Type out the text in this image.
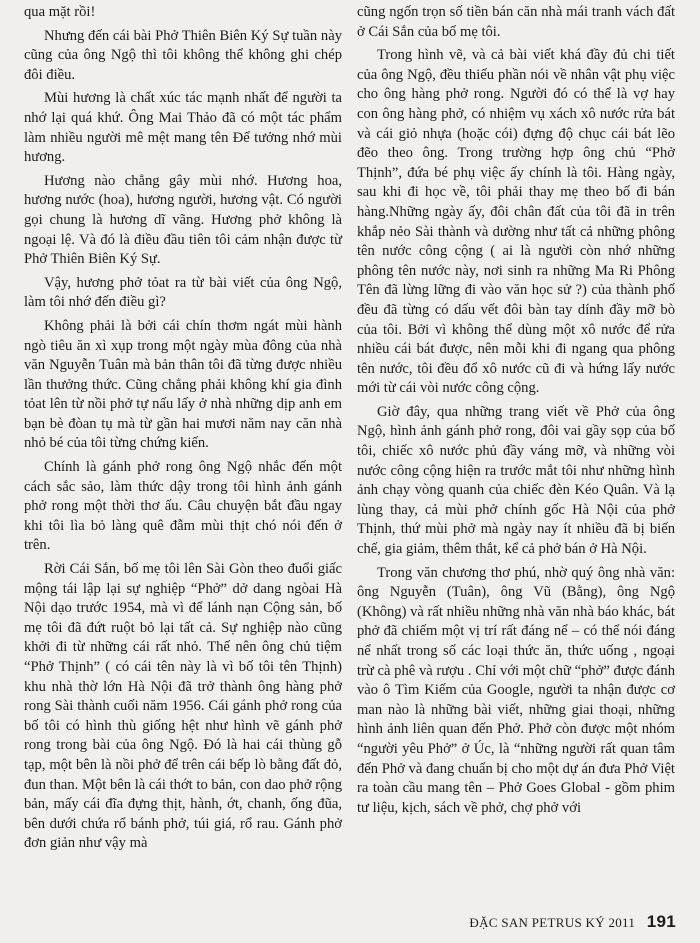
qua mặt rồi!

Nhưng đến cái bài Phở Thiên Biên Ký Sự tuần này cũng của ông Ngộ thì tôi không thể không ghi chép đôi điều.

Mùi hương là chất xúc tác mạnh nhất để người ta nhớ lại quá khứ. Ông Mai Thảo đã có một tác phẩm làm nhiều người mê mệt mang tên Để tưởng nhớ mùi hương.

Hương nào chẳng gây mùi nhớ. Hương hoa, hương nước (hoa), hương người, hương vật. Có người gọi chung là hương dĩ vãng. Hương phở không là ngoại lệ. Và đó là điều đầu tiên tôi cảm nhận được từ Phở Thiên Biên Ký Sự.

Vậy, hương phở tỏat ra từ bài viết của ông Ngộ, làm tôi nhớ đến điều gì?

Không phải là bởi cái chín thơm ngát mùi hành ngò tiêu ăn xì xụp trong một ngày mùa đông của nhà văn Nguyễn Tuân mà bản thân tôi đã từng được nhiều lần thưởng thức. Cũng chẳng phải không khí gia đình tỏat lên từ nồi phở tự nấu lấy ở nhà những dịp anh em bạn bè đòan tụ mà từ gần hai mươi năm nay căn nhà nhỏ bé của tôi từng chứng kiến.

Chính là gánh phở rong ông Ngộ nhắc đến một cách sắc sảo, làm thức dậy trong tôi hình ảnh gánh phở rong một thời thơ ấu. Câu chuyện bắt đầu ngay khi tôi lìa bỏ làng quê đẫm mùi thịt chó nói đến ở trên.

Rời Cái Sắn, bố mẹ tôi lên Sài Gòn theo đuổi giấc mộng tái lập lại sự nghiệp “Phở” dở dang ngòai Hà Nội dạo trước 1954, mà vì để lánh nạn Cộng sản, bố mẹ tôi đã đứt ruột bỏ lại tất cả. Sự nghiệp nào cũng khởi đi từ những cái rất nhỏ. Thế nên ông chủ tiệm “Phở Thịnh” ( có cái tên này là vì bố tôi tên Thịnh) khu nhà thờ lớn Hà Nội đã trở thành ông hàng phở rong Sài thành cuối năm 1956. Cái gánh phở rong của bố tôi có hình thù giống hệt như hình vẽ gánh phở rong trong bài của ông Ngộ. Đó là hai cái thùng gỗ tạp, một bên là nồi phở để trên cái bếp lò bằng đất đỏ, đun than. Một bên là cái thớt to bản, con dao phở rộng bản, mấy cái đĩa đựng thịt, hành, ớt, chanh, ống đũa, bên dưới chứa rổ bánh phở, túi giá, rổ rau. Gánh phở đơn giản như vậy mà

cũng ngốn trọn số tiền bán căn nhà mái tranh vách đất ở Cái Sắn của bố mẹ tôi.

Trong hình vẽ, và cả bài viết khá đầy đủ chi tiết của ông Ngộ, đều thiếu phần nói về nhân vật phụ việc cho ông hàng phở rong. Người đó có thể là vợ hay con ông hàng phở, có nhiệm vụ xách xô nước rửa bát và cái giỏ nhựa (hoặc cói) đựng độ chục cái bát lẽo đẽo theo ông. Trong trường hợp ông chủ “Phở Thịnh”, đứa bé phụ việc ấy chính là tôi. Hàng ngày, sau khi đi học về, tôi phải thay mẹ theo bố đi bán hàng.Những ngày ấy, đôi chân đất của tôi đã in trên khắp nẻo Sài thành và dường như tất cả những phông tên nước công cộng ( ai là người còn nhớ những phông tên nước này, nơi sinh ra những Ma Ri Phông Tên đã lừng lững đi vào văn học sử ?) của thành phố đều đã từng có dấu vết đôi bàn tay dính đầy mỡ bò của tôi. Bởi vì không thể dùng một xô nước để rửa nhiều cái bát được, nên mỗi khi đi ngang qua phông tên nước, tôi đều đổ xô nước cũ đi và hứng lấy nước mới từ cái vòi nước công cộng.

Giờ đây, qua những trang viết về Phở của ông Ngộ, hình ảnh gánh phở rong, đôi vai gầy sọp của bố tôi, chiếc xô nước phủ đầy váng mỡ, và những vòi nước công cộng hiện ra trước mắt tôi như những hình ảnh chạy vòng quanh của chiếc đèn Kéo Quân. Và lạ lùng thay, cả mùi phở chính gốc Hà Nội của phở Thịnh, thứ mùi phở mà ngày nay ít nhiều đã bị biến chế, gia giảm, thêm thắt, kể cả phở bán ở Hà Nội.

Trong văn chương thơ phú, nhờ quý ông nhà văn: ông Nguyễn (Tuân), ông Vũ (Bằng), ông Ngộ (Không) và rất nhiều những nhà văn nhà báo khác, bát phở đã chiếm một vị trí rất đáng nể – có thể nói đáng nể nhất trong số các loại thức ăn, thức uống , ngoại trừ cà phê và rượu . Chỉ với một chữ “phở” được đánh vào ô Tìm Kiếm của Google, người ta nhận được cơ man nào là những bài viết, những giai thoại, những hình ảnh liên quan đến Phở. Phở còn được một nhóm “người yêu Phở” ở Úc, là “những người rất quan tâm đến Phở và đang chuẩn bị cho một dự án đưa Phở Việt ra toàn cầu mang tên – Phở Goes Global - gồm phim tư liệu, kịch, sách về phở, chợ phở với

ĐẶC SAN PETRUS KÝ 2011 191
